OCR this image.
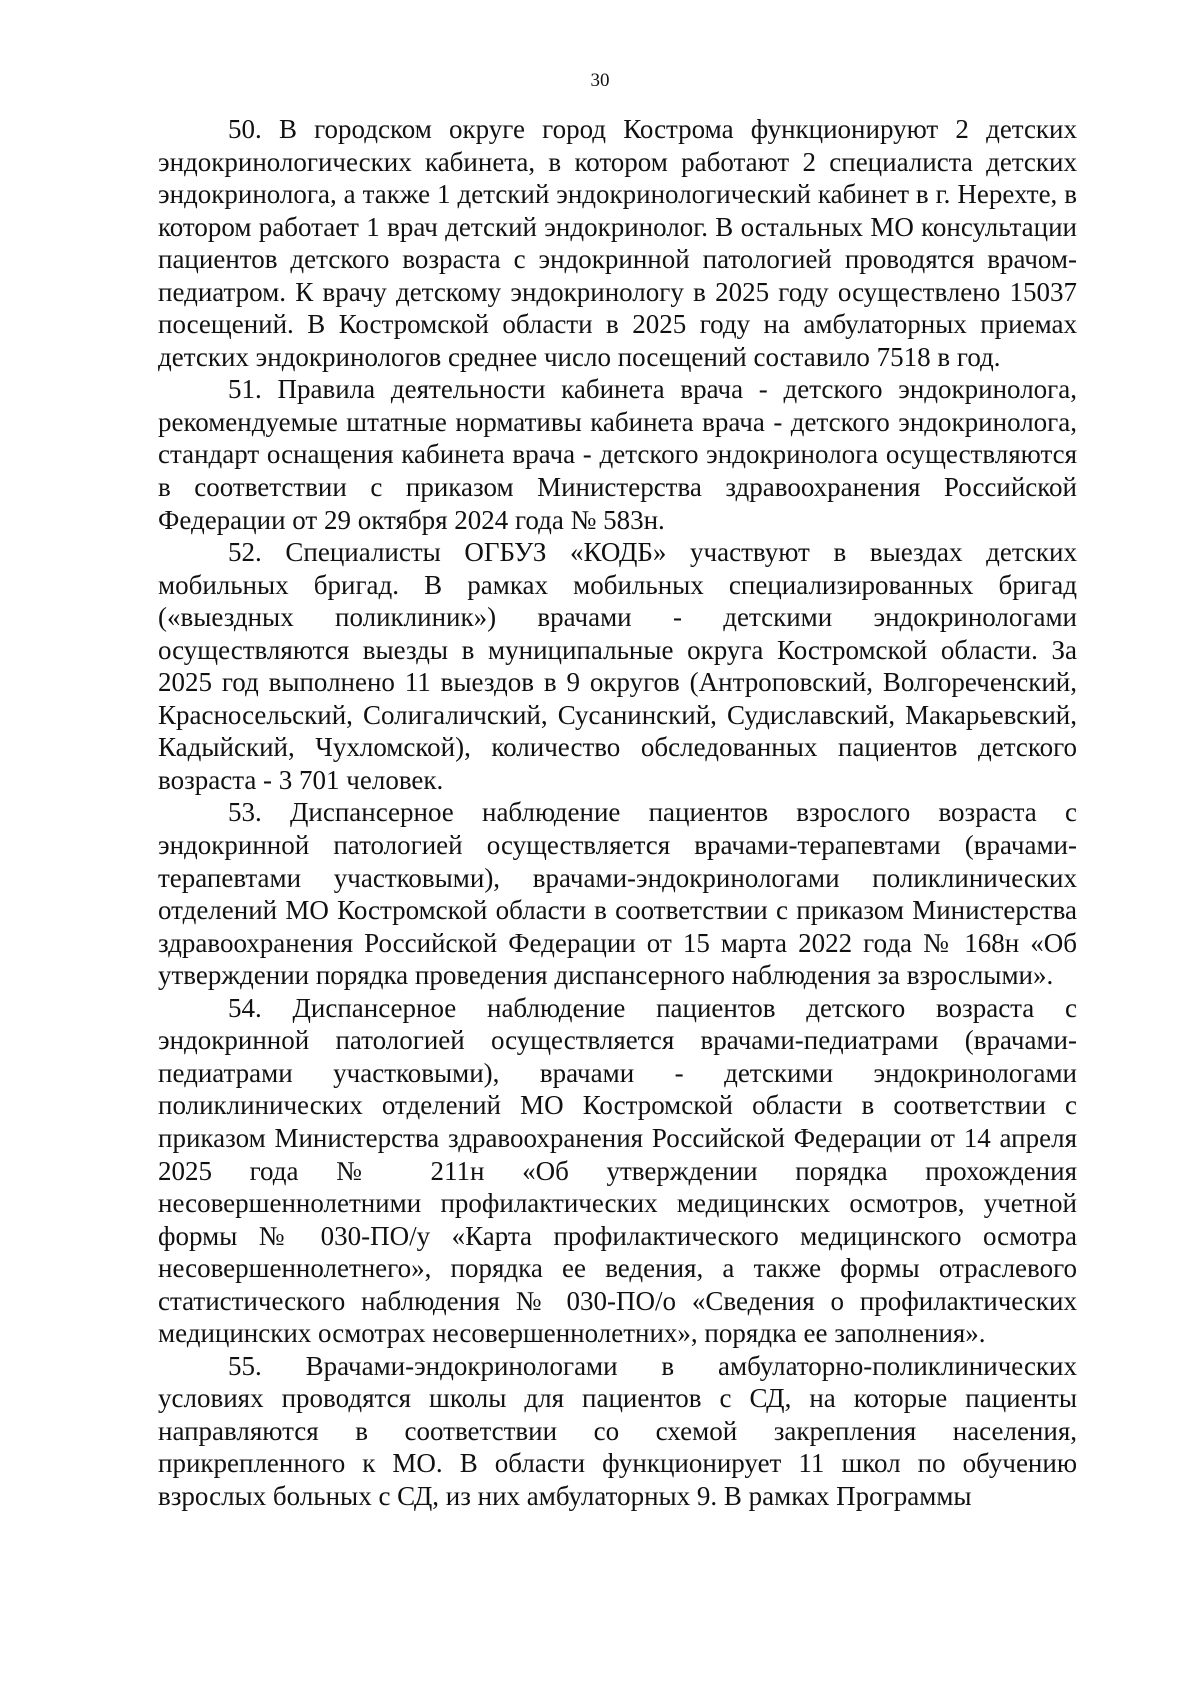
30

50. В городском округе город Кострома функционируют 2 детских эндокринологических кабинета, в котором работают 2 специалиста детских эндокринолога, а также 1 детский эндокринологический кабинет в г. Нерехте, в котором работает 1 врач детский эндокринолог. В остальных МО консультации пациентов детского возраста с эндокринной патологией проводятся врачом-педиатром. К врачу детскому эндокринологу в 2025 году осуществлено 15037 посещений. В Костромской области в 2025 году на амбулаторных приемах детских эндокринологов среднее число посещений составило 7518 в год.

51. Правила деятельности кабинета врача - детского эндокринолога, рекомендуемые штатные нормативы кабинета врача - детского эндокринолога, стандарт оснащения кабинета врача - детского эндокринолога осуществляются в соответствии с приказом Министерства здравоохранения Российской Федерации от 29 октября 2024 года № 583н.

52. Специалисты ОГБУЗ «КОДБ» участвуют в выездах детских мобильных бригад. В рамках мобильных специализированных бригад («выездных поликлиник») врачами - детскими эндокринологами осуществляются выезды в муниципальные округа Костромской области. За 2025 год выполнено 11 выездов в 9 округов (Антроповский, Волгореченский, Красносельский, Солигаличский, Сусанинский, Судиславский, Макарьевский, Кадыйский, Чухломской), количество обследованных пациентов детского возраста - 3 701 человек.

53. Диспансерное наблюдение пациентов взрослого возраста с эндокринной патологией осуществляется врачами-терапевтами (врачами-терапевтами участковыми), врачами-эндокринологами поликлинических отделений МО Костромской области в соответствии с приказом Министерства здравоохранения Российской Федерации от 15 марта 2022 года № 168н «Об утверждении порядка проведения диспансерного наблюдения за взрослыми».

54. Диспансерное наблюдение пациентов детского возраста с эндокринной патологией осуществляется врачами-педиатрами (врачами-педиатрами участковыми), врачами - детскими эндокринологами поликлинических отделений МО Костромской области в соответствии с приказом Министерства здравоохранения Российской Федерации от 14 апреля 2025 года № 211н «Об утверждении порядка прохождения несовершеннолетними профилактических медицинских осмотров, учетной формы № 030-ПО/у «Карта профилактического медицинского осмотра несовершеннолетнего», порядка ее ведения, а также формы отраслевого статистического наблюдения № 030-ПО/о «Сведения о профилактических медицинских осмотрах несовершеннолетних», порядка ее заполнения».

55. Врачами-эндокринологами в амбулаторно-поликлинических условиях проводятся школы для пациентов с СД, на которые пациенты направляются в соответствии со схемой закрепления населения, прикрепленного к МО. В области функционирует 11 школ по обучению взрослых больных с СД, из них амбулаторных 9. В рамках Программы
